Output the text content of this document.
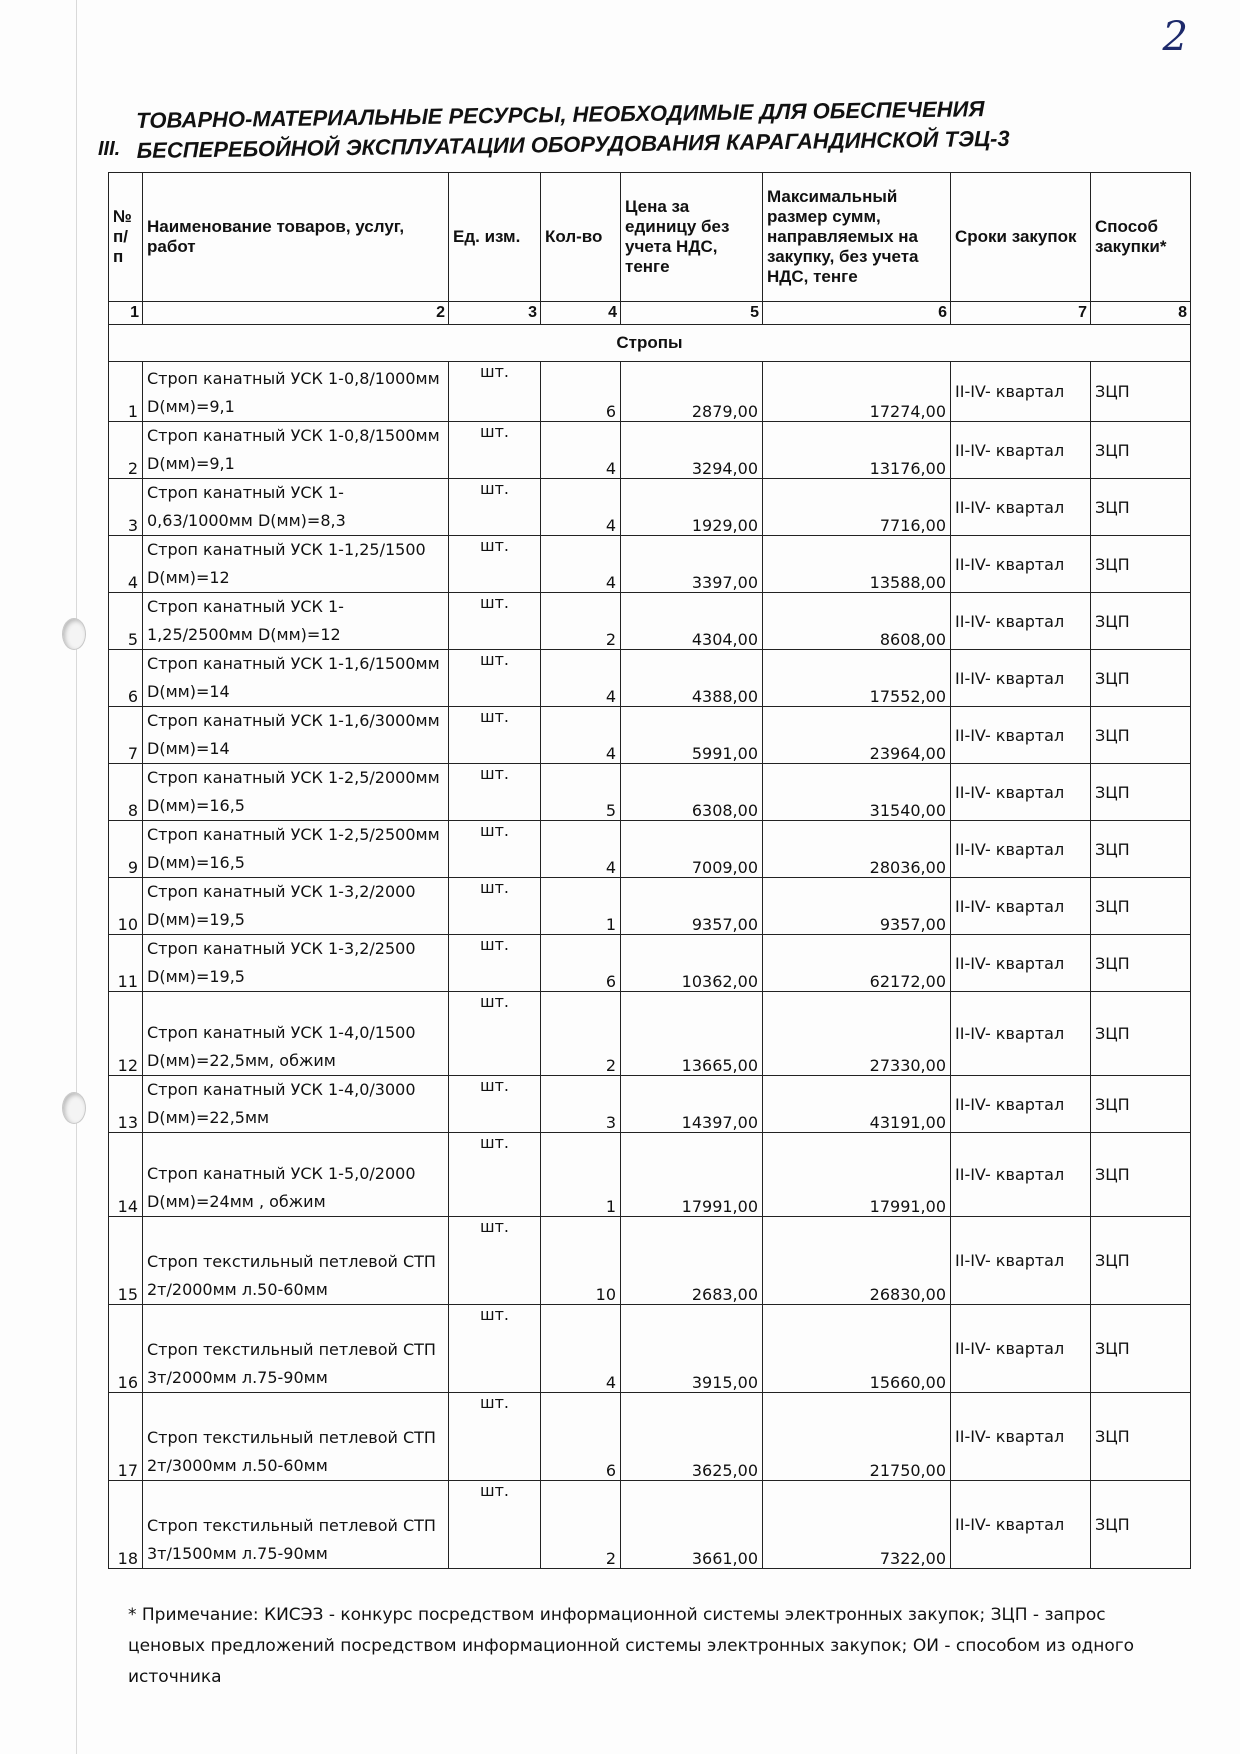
2
III.
ТОВАРНО-МАТЕРИАЛЬНЫЕ РЕСУРСЫ, НЕОБХОДИМЫЕ ДЛЯ ОБЕСПЕЧЕНИЯ
БЕСПЕРЕБОЙНОЙ ЭКСПЛУАТАЦИИ ОБОРУДОВАНИЯ КАРАГАНДИНСКОЙ ТЭЦ-3
№ п/п	Наименование товаров, услуг, работ	Ед. изм.	Кол-во	Цена за единицу без учета НДС, тенге	Максимальный размер сумм, направляемых на закупку, без учета НДС, тенге	Сроки закупок	Способ закупки*
1	2	3	4	5	6	7	8
Стропы							
1	Строп канатный УСК 1-0,8/1000мм D(мм)=9,1	шт.	6	2879,00	17274,00	II-IV- квартал	ЗЦП
2	Строп канатный УСК 1-0,8/1500мм D(мм)=9,1	шт.	4	3294,00	13176,00	II-IV- квартал	ЗЦП
3	Строп канатный УСК 1-0,63/1000мм D(мм)=8,3	шт.	4	1929,00	7716,00	II-IV- квартал	ЗЦП
4	Строп канатный УСК 1-1,25/1500 D(мм)=12	шт.	4	3397,00	13588,00	II-IV- квартал	ЗЦП
5	Строп канатный УСК 1-1,25/2500мм D(мм)=12	шт.	2	4304,00	8608,00	II-IV- квартал	ЗЦП
6	Строп канатный УСК 1-1,6/1500мм D(мм)=14	шт.	4	4388,00	17552,00	II-IV- квартал	ЗЦП
7	Строп канатный УСК 1-1,6/3000мм D(мм)=14	шт.	4	5991,00	23964,00	II-IV- квартал	ЗЦП
8	Строп канатный УСК 1-2,5/2000мм D(мм)=16,5	шт.	5	6308,00	31540,00	II-IV- квартал	ЗЦП
9	Строп канатный УСК 1-2,5/2500мм D(мм)=16,5	шт.	4	7009,00	28036,00	II-IV- квартал	ЗЦП
10	Строп канатный УСК 1-3,2/2000 D(мм)=19,5	шт.	1	9357,00	9357,00	II-IV- квартал	ЗЦП
11	Строп канатный УСК 1-3,2/2500 D(мм)=19,5	шт.	6	10362,00	62172,00	II-IV- квартал	ЗЦП
12	Строп канатный УСК 1-4,0/1500 D(мм)=22,5мм, обжим	шт.	2	13665,00	27330,00	II-IV- квартал	ЗЦП
13	Строп канатный УСК 1-4,0/3000 D(мм)=22,5мм	шт.	3	14397,00	43191,00	II-IV- квартал	ЗЦП
14	Строп канатный УСК 1-5,0/2000 D(мм)=24мм , обжим	шт.	1	17991,00	17991,00	II-IV- квартал	ЗЦП
15	Строп текстильный петлевой СТП 2т/2000мм л.50-60мм	шт.	10	2683,00	26830,00	II-IV- квартал	ЗЦП
16	Строп текстильный петлевой СТП 3т/2000мм л.75-90мм	шт.	4	3915,00	15660,00	II-IV- квартал	ЗЦП
17	Строп текстильный петлевой СТП 2т/3000мм л.50-60мм	шт.	6	3625,00	21750,00	II-IV- квартал	ЗЦП
18	Строп текстильный петлевой СТП 3т/1500мм л.75-90мм	шт.	2	3661,00	7322,00	II-IV- квартал	ЗЦП
* Примечание: КИСЭЗ - конкурс посредством информационной системы электронных закупок; ЗЦП - запрос ценовых предложений посредством информационной системы электронных закупок; ОИ - способом из одного источника
